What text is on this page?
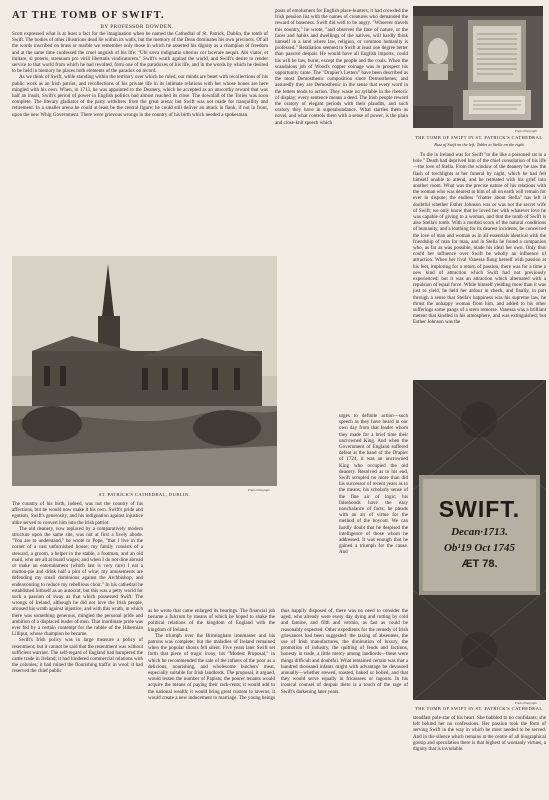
AT THE TOMB OF SWIFT.
BY PROFESSOR DOWDEN.

Scott expressed what is at least a fact for the imagination when he named the Cathedral of St. Patrick, Dublin, the tomb of Swift. The bodies of other illustrious dead lie within its walls, but the memory of the Dean dominates his own precincts. Of all the words inscribed on brass or marble we remember only those in which he asserted his dignity as a champion of freedom and at the same time confessed the cruel anguish of his life: "Ubi sæva indignatio ulterius cor lacerare nequit. Abi viator, et imitare, si poteris, strenuum pro virili libertatis vindicatorem." Swift's wrath against the world, and Swift's desire to render service to that world from which he had revolted, form one of the paradoxes of his life, and in the words by which he desired to be held in memory he places both elements of the paradox on record.

As we think of Swift, while standing within the territory over which he ruled, our minds are beset with recollections of his public work as an Irish patriot, and recollections of his private life in its intimate relations with her whose bones are here mingled with his own. When, in 1713, he was appointed to the Deanery, which he accepted as an unworthy reward that was half an insult, Swift's period of power in English politics had almost reached its close. The downfall of the Tories was soon complete. The literary gladiator of the party withdrew from the great arena; but Swift was not made for tranquillity and retirement. In a smaller arena he could at least be the central figure; he could still deliver an attack in flank, if not in front, upon the new Whig Government. There were grievous wrongs in the country of his birth which needed a spokesman.

posts of emolument for English place-hunters; it had crowded the Irish pension list with the names of creatures who demanded the reward of baseness. Swift did well to be angry. "Whoever travels this country," he wrote, "and observes the face of nature, or the faces and habits and dwellings of the natives, will hardly think himself in a land where law, religion, or common humanity is professed." Retaliation seemed to Swift at least one degree better than passive despair. He would have all English imports, could his will be law, burnt, except the people and the coals. When the scandalous job of Wood's copper coinage was in prospect his opportunity came. The "Drapier's Letters" have been described as the most Demosthenic composition since Demosthenes; and assuredly they are Demosthenic in the sense that every word in the letters tends to action. They waste no syllable in the rhetoric of display; every sentence means a deed. The Irish people reward the oratory of elegant periods with their plaudits, and such oratory they have in superabundance. What startles them as novel, and what controls them with a sense of power, is the plain and close-knit speech which

Photo lithograph
THE TOMB OF SWIFT IN ST. PATRICK'S CATHEDRAL.
Bust of Swift on the left; Tablet to Stella on the right.

To die in Ireland was for Swift "to die like a poisoned rat in a hole." Death had deprived him of the chief consolation of his life—the love of Stella. From the window of the deanery he saw the flash of torchlights at her funeral by night, which he had felt himself unable to attend, and he retreated with his grief into another room. What was the precise nature of his relations with the woman who was dearest to him of all on earth will remain for ever in dispute; the endless "chatter about Stella" has left it doubtful whether Esther Johnson was or was not the secret wife of Swift; we only know that he loved her with whatever love he was capable of giving to a woman, and that the tomb of Swift is also Stella's tomb. With a morbid scorn of the natural conditions of humanity, and a loathing for its dearest incidents, he conceived the love of man and woman as in all essentials identical with the friendship of man for man, and in Stella he found a companion who, as far as was possible, made his ideal her own. Only thus could her influence over Swift be wholly an influence of attraction. When her rival Vanessa flung herself with passion at his feet, imploring for a return of passion, there was for a time a new kind of attraction which Swift had not previously experienced; but it was an attraction which alternated with a repulsion of equal force. While himself yielding more than it was just to yield, he held her ardour in check, and finally, in part through a sense that Stella's happiness was his supreme law, he thrust the unhappy woman from him, and added to his other sufferings some pangs of a stern remorse. Vanessa was a brilliant meteor that kindled in his atmosphere, and was extinguished; but Esther Johnson was the

Photo lithograph
ST. PATRICK'S CATHEDRAL, DUBLIN.

urges to definite action—such speech as they have heard in our own day from that leader whom they made for a brief time their uncrowned King. And when the Government of England suffered defeat at the hand of the Drapier of 1724, it was an uncrowned King who occupied the old deanery. Resolved as to his end, Swift scrupled no more than did his successor of recent years as to the means; his scholarly sense of the fine air of logic; his falsehoods have the easy nonchalance of facts; he pleads with an air of virtue for the method of the boycott. We can hardly doubt that he despised the intelligence of those whom he addressed. It was enough that he gained a triumph for the cause. And

The country of his birth, indeed, was not the country of his affections, but he would now make it his own. Swift's pride and egotism, Swift's generosity, and his indignation against injustice alike served to convert him into the Irish patriot.

The old deanery, now replaced by a comparatively modern structure upon the same site, was not at first a lively abode. "You are to understand," he wrote to Pope, "that I live in the corner of a vast unfurnished house; my family consists of a steward, a groom, a helper in the stable, a footman, and an old maid, who are all at board wages; and when I do not dine abroad or make an entertainment (which last is very rare) I eat a mutton-pie and drink half a pint of wine; my amusements are defending my small dominions against the Archbishop, and endeavouring to reduce my rebellious choir." In his cathedral he established himself as an autocrat; but this was a petty world for such a passion of sway as that which possessed Swift. The wrongs of Ireland, although he did not love the Irish people, aroused his wrath against injustice, and with this wrath, in which there was something generous, mingled the personal pride and ambition of a displaced leader of men. That inordinate pride was ever fed by a certain contempt for the rabble of the Hibernian Lilliput, whose champion he became.

Swift's Irish policy was in large measure a policy of resentment; but it cannot be said that the resentment was without sufficient warrant. The self-regard of England had hampered the cattle trade in Ireland; it had hindered commercial relations with the colonies; it had ruined the flourishing traffic in wool; it had reserved the chief public

as he wrote that came enlarged its bearings. The financial job became a fulcrum by means of which he hoped to shake the political relations of the kingdom of England with the kingdom of Ireland.

The triumph over the Birmingham ironmaster and his patrons was complete; but the maladies of Ireland remained when the popular shouts fell silent. Five years later Swift set forth that piece of tragic irony, his "Modest Proposal," in which he recommended the sale of the infants of the poor as a delicious, nourishing, and wholesome butchers' meat, especially suitable for Irish landlords. The proposal, it argued, would lessen the number of Papists; the poorer tenants would acquire the means of paying their rack-rents; it would add to the national wealth; it would bring great custom to taverns; it would create a new inducement to marriage. The young beings thus happily disposed of, there was no need to consider the aged, who already were every day dying and rotting by cold and famine, and filth and vermin, as fast as could be reasonably expected. Other expedients for the remedy of Irish grievances had been suggested: the taxing of absentees, the use of Irish manufactures, the diminution of luxury, the promotion of industry, the quitting of feuds and factions, honesty in trade, a little mercy among landlords—these were things difficult and doubtful. What remained certain was that a hundred thousand infants might with advantage be devoured annually—whether stewed, roasted, baked or boiled, and that they would serve equally in fricassees or ragouts. In his ironical counsel of despair there is a touch of the rage of Swift's darkening later years.

SWIFT.
Decan·1713.
Ob¹19 Oct 1745
ÆT 78.
Photo lithograph
THE TOMB OF SWIFT IN ST. PATRICK'S CATHEDRAL.

steadfast pole-star of his heart. She babbled to no confidants; she left behind her no confessions. Her passion took the form of serving Swift in the way in which he most needed to be served. And in the silence which remains at the centre of all biographical gossip and speculation there is that highest of womanly virtues, a dignity that is inviolable.
